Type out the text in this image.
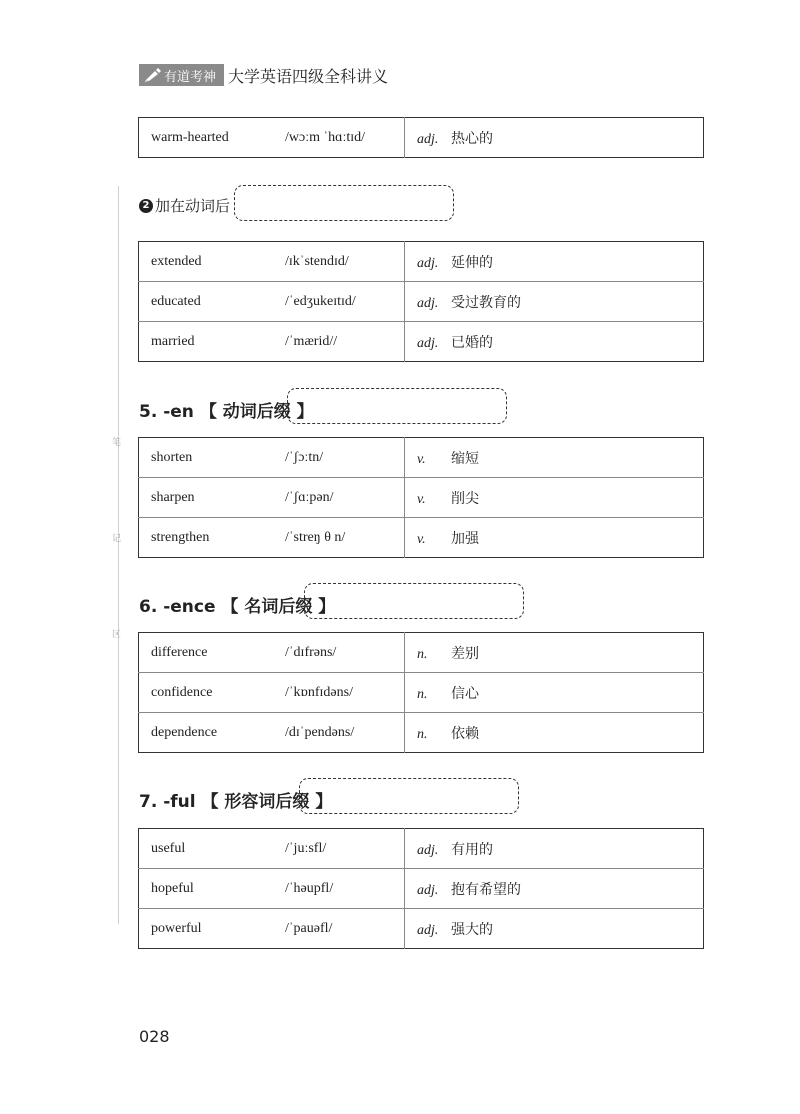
有道考神 大学英语四级全科讲义
笔
记
区
warm-hearted	/wɔːm ˈhɑːtɪd/	adj. 热心的
2 加在动词后
extended	/ɪkˈstendɪd/	adj. 延伸的
educated	/ˈedʒukeɪtɪd/	adj. 受过教育的
married	/ˈmærid//	adj. 已婚的
5. -en 【 动词后缀 】
shorten	/ˈʃɔːtn/	v. 缩短
sharpen	/ˈʃɑːpən/	v. 削尖
strengthen	/ˈstreŋ θ n/	v. 加强
6. -ence 【 名词后缀 】
difference	/ˈdɪfrəns/	n. 差别
confidence	/ˈkɒnfɪdəns/	n. 信心
dependence	/dɪˈpendəns/	n. 依赖
7. -ful 【 形容词后缀 】
useful	/ˈjuːsfl/	adj. 有用的
hopeful	/ˈhəupfl/	adj. 抱有希望的
powerful	/ˈpauəfl/	adj. 强大的
028
